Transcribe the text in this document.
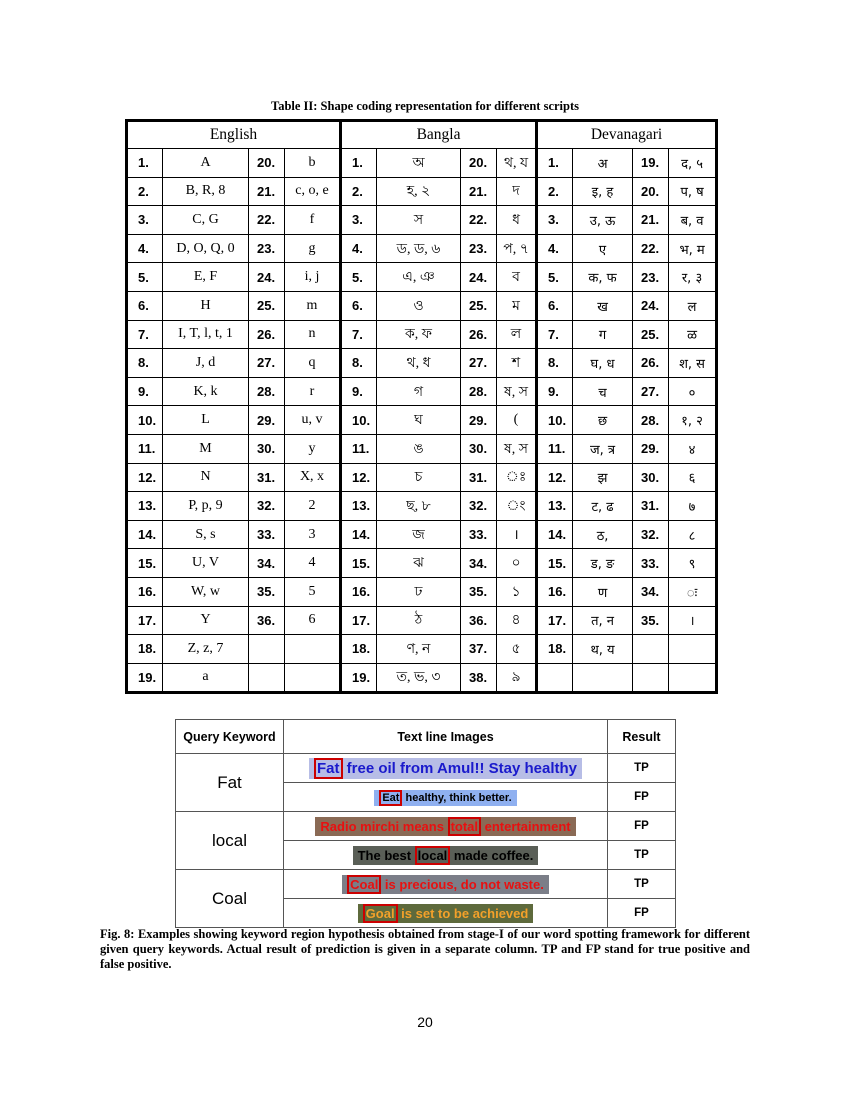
Table II: Shape coding representation for different scripts
English				Bangla				Devanagari			
1.	A	20.	b	1.	অ	20.	থ, য	1.	अ	19.	द, ५
2.	B, R, 8	21.	c, o, e	2.	হ, ২	21.	দ	2.	इ, ह	20.	प, ष
3.	C, G	22.	f	3.	স	22.	ধ	3.	उ, ऊ	21.	ब, व
4.	D, O, Q, 0	23.	g	4.	ড, ড, ৬	23.	প, ৭	4.	ए	22.	भ, म
5.	E, F	24.	i, j	5.	এ, ঞ	24.	ব	5.	क, फ	23.	र, ३
6.	H	25.	m	6.	ও	25.	ম	6.	ख	24.	ल
7.	I, T, l, t, 1	26.	n	7.	ক, ফ	26.	ল	7.	ग	25.	ळ
8.	J, d	27.	q	8.	থ, ধ	27.	শ	8.	घ, ध	26.	श, स
9.	K, k	28.	r	9.	গ	28.	ষ, স	9.	च	27.	०
10.	L	29.	u, v	10.	ঘ	29.	(	10.	छ	28.	१, २
11.	M	30.	y	11.	ঙ	30.	ষ, স	11.	ज, त्र	29.	४
12.	N	31.	X, x	12.	চ	31.	ঃ	12.	झ	30.	६
13.	P, p, 9	32.	2	13.	ছ, ৮	32.	ং	13.	ट, ढ	31.	७
14.	S, s	33.	3	14.	জ	33.	।	14.	ठ,	32.	८
15.	U, V	34.	4	15.	ঝ	34.	০	15.	ड, ङ	33.	९
16.	W, w	35.	5	16.	ঢ	35.	১	16.	ण	34.	ः
17.	Y	36.	6	17.	ঠ	36.	৪	17.	त, न	35.	।
18.	Z, z, 7			18.	ণ, ন	37.	৫	18.	थ, य		
19.	a			19.	ত, ভ, ৩	38.	৯				
Query Keyword	Text line Images	Result
Fat	Fat free oil from Amul!! Stay healthy	TP
	Eat healthy, think better.	FP
local	Radio mirchi means total entertainment	FP
	The best local made coffee.	TP
Coal	Coal is precious, do not waste.	TP
	Goal is set to be achieved	FP
Fig. 8: Examples showing keyword region hypothesis obtained from stage-I of our word spotting framework for different given query keywords. Actual result of prediction is given in a separate column. TP and FP stand for true positive and false positive.
20
